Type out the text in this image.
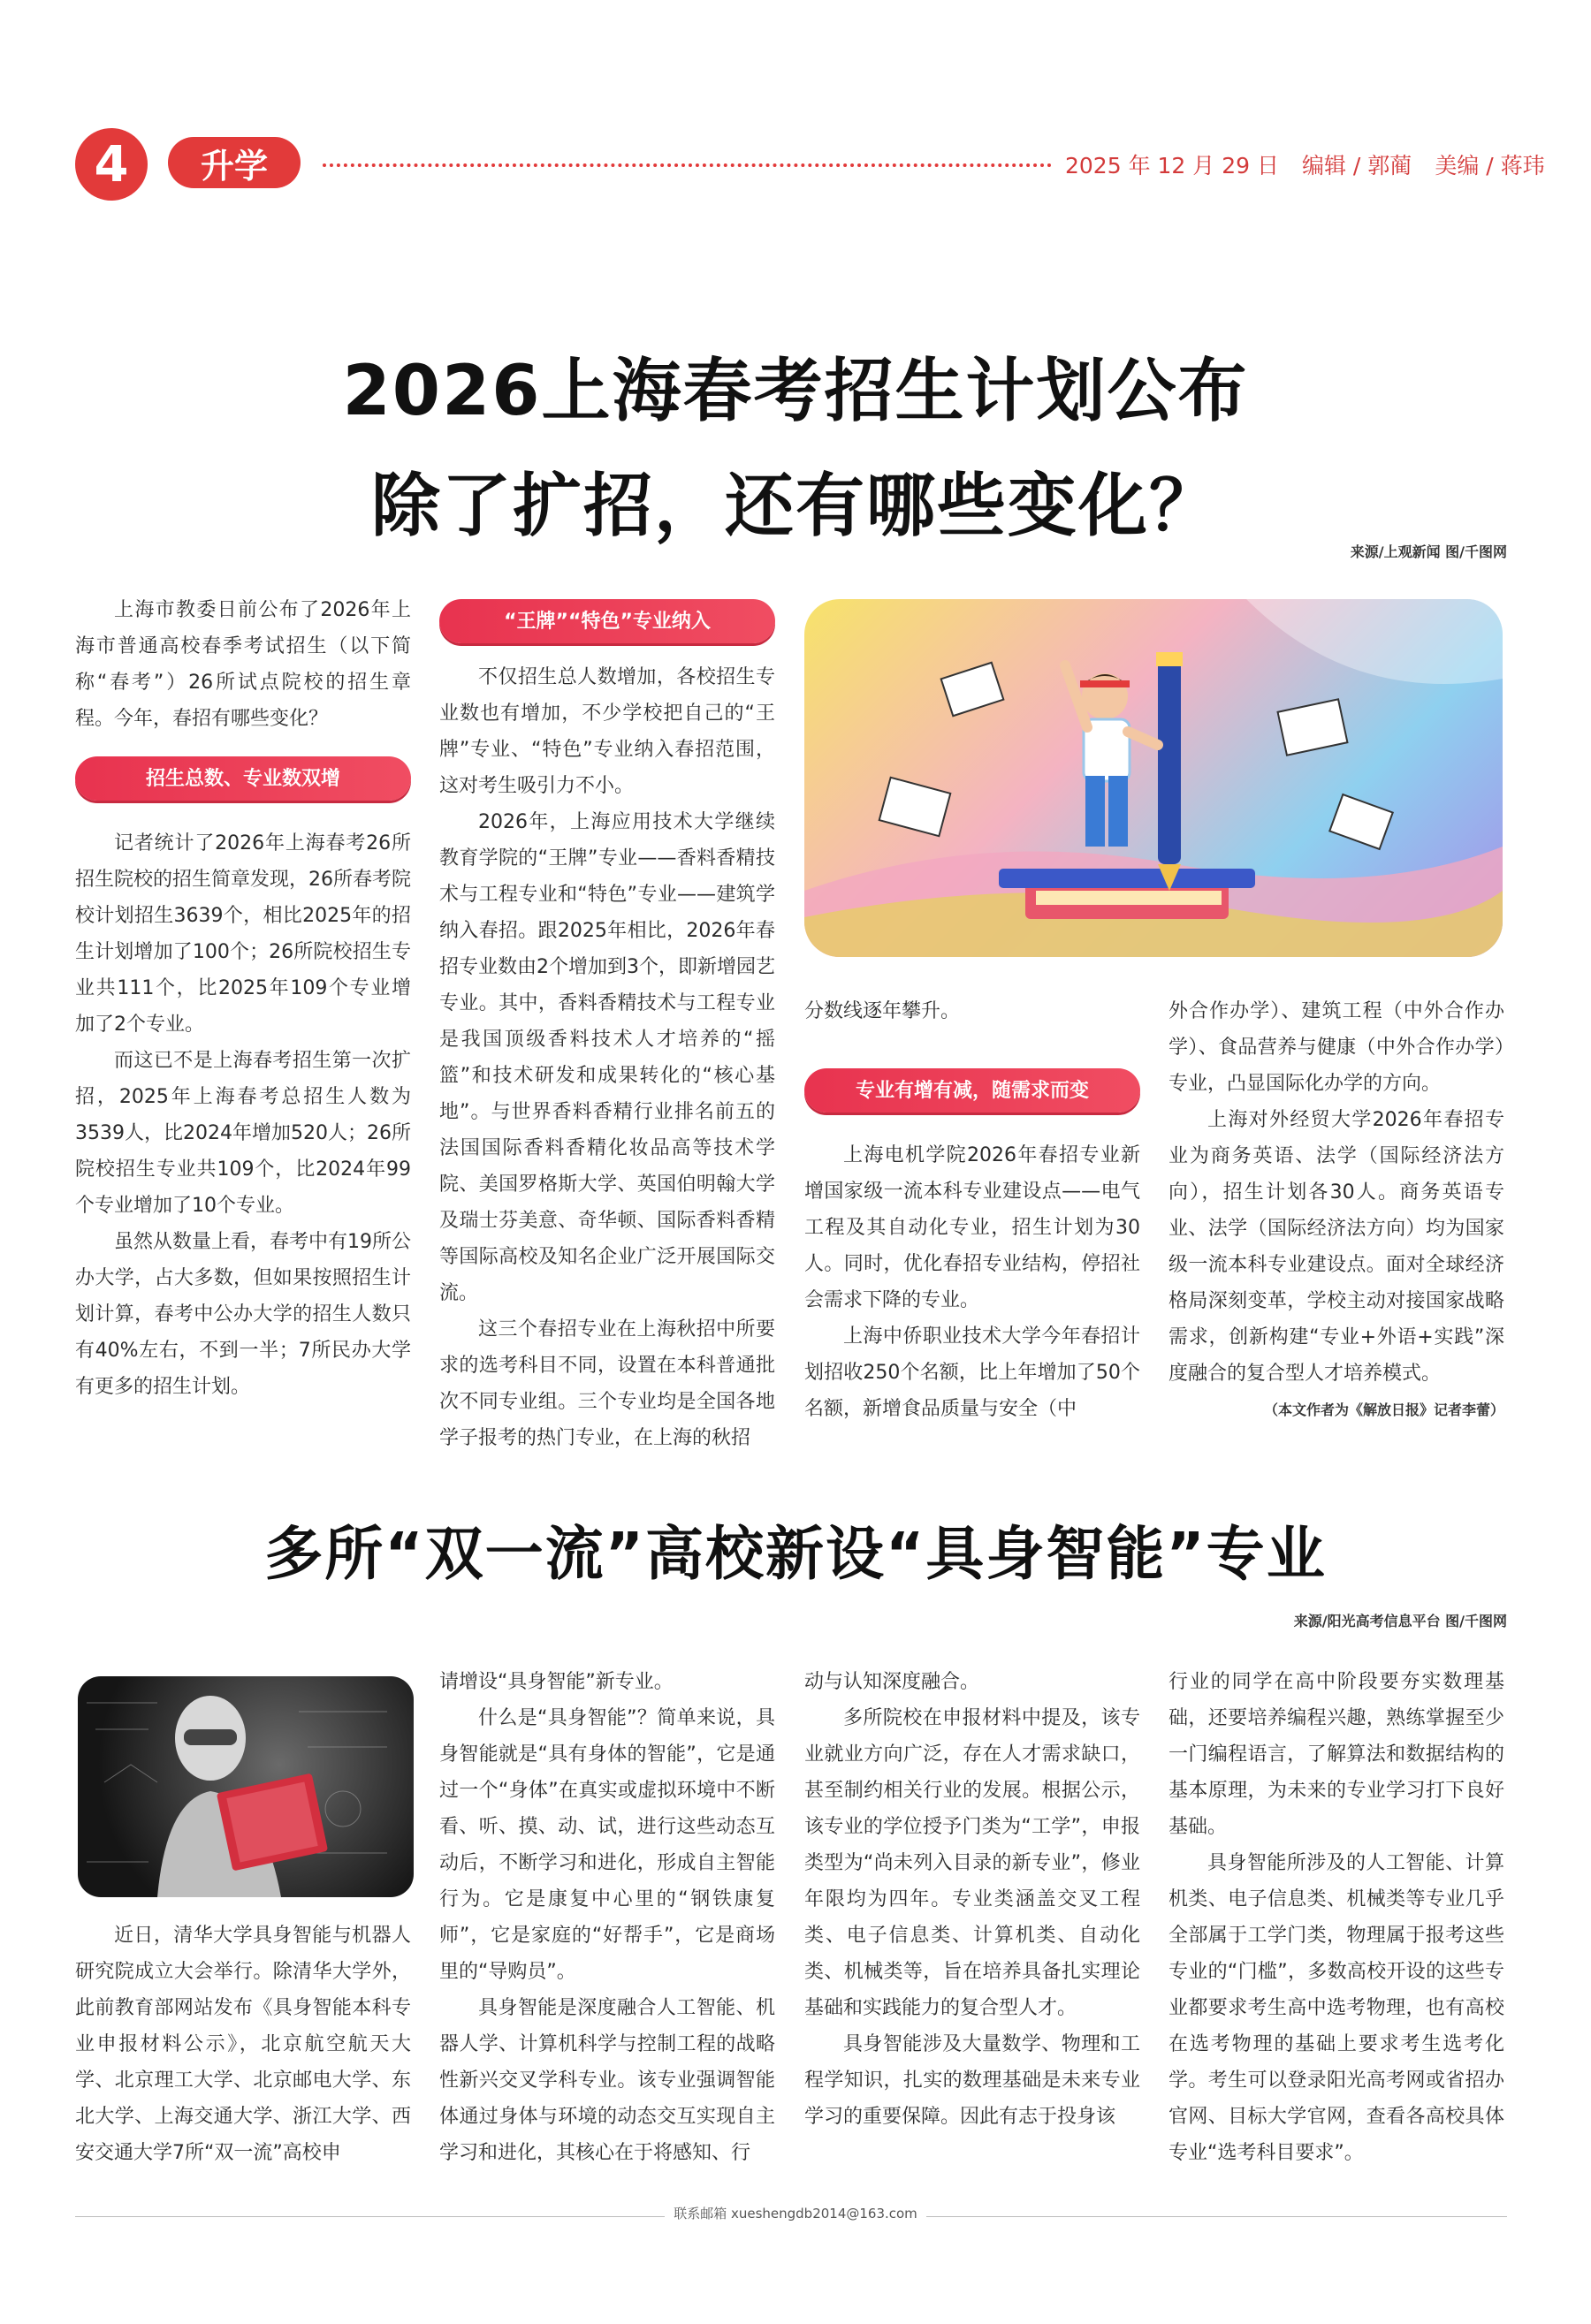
4	升学	2025 年 12 月 29 日 编辑 / 郭蔺 美编 / 蒋玮
2026上海春考招生计划公布
除了扩招，还有哪些变化？
来源/上观新闻 图/千图网

上海市教委日前公布了2026年上海市普通高校春季考试招生（以下简称“春考”）26所试点院校的招生章程。今年，春招有哪些变化？

招生总数、专业数双增

记者统计了2026年上海春考26所招生院校的招生简章发现，26所春考院校计划招生3639个，相比2025年的招生计划增加了100个；26所院校招生专业共111个，比2025年109个专业增加了2个专业。

而这已不是上海春考招生第一次扩招，2025年上海春考总招生人数为3539人，比2024年增加520人；26所院校招生专业共109个，比2024年99个专业增加了10个专业。

虽然从数量上看，春考中有19所公办大学，占大多数，但如果按照招生计划计算，春考中公办大学的招生人数只有40%左右，不到一半；7所民办大学有更多的招生计划。

“王牌”“特色”专业纳入

不仅招生总人数增加，各校招生专业数也有增加，不少学校把自己的“王牌”专业、“特色”专业纳入春招范围，这对考生吸引力不小。

2026年，上海应用技术大学继续教育学院的“王牌”专业——香料香精技术与工程专业和“特色”专业——建筑学纳入春招。跟2025年相比，2026年春招专业数由2个增加到3个，即新增园艺专业。其中，香料香精技术与工程专业是我国顶级香料技术人才培养的“摇篮”和技术研发和成果转化的“核心基地”。与世界香料香精行业排名前五的法国国际香料香精化妆品高等技术学院、美国罗格斯大学、英国伯明翰大学及瑞士芬美意、奇华顿、国际香料香精等国际高校及知名企业广泛开展国际交流。

这三个春招专业在上海秋招中所要求的选考科目不同，设置在本科普通批次不同专业组。三个专业均是全国各地学子报考的热门专业，在上海的秋招

分数线逐年攀升。

专业有增有减，随需求而变

上海电机学院2026年春招专业新增国家级一流本科专业建设点——电气工程及其自动化专业，招生计划为30人。同时，优化春招专业结构，停招社会需求下降的专业。

上海中侨职业技术大学今年春招计划招收250个名额，比上年增加了50个名额，新增食品质量与安全（中

外合作办学）、建筑工程（中外合作办学）、食品营养与健康（中外合作办学）专业，凸显国际化办学的方向。

上海对外经贸大学2026年春招专业为商务英语、法学（国际经济法方向），招生计划各30人。商务英语专业、法学（国际经济法方向）均为国家级一流本科专业建设点。面对全球经济格局深刻变革，学校主动对接国家战略需求，创新构建“专业+外语+实践”深度融合的复合型人才培养模式。

（本文作者为《解放日报》记者李蕾）
多所“双一流”高校新设“具身智能”专业
来源/阳光高考信息平台 图/千图网

近日，清华大学具身智能与机器人研究院成立大会举行。除清华大学外，此前教育部网站发布《具身智能本科专业申报材料公示》，北京航空航天大学、北京理工大学、北京邮电大学、东北大学、上海交通大学、浙江大学、西安交通大学7所“双一流”高校申

请增设“具身智能”新专业。

什么是“具身智能”？简单来说，具身智能就是“具有身体的智能”，它是通过一个“身体”在真实或虚拟环境中不断看、听、摸、动、试，进行这些动态互动后，不断学习和进化，形成自主智能行为。它是康复中心里的“钢铁康复师”，它是家庭的“好帮手”，它是商场里的“导购员”。

具身智能是深度融合人工智能、机器人学、计算机科学与控制工程的战略性新兴交叉学科专业。该专业强调智能体通过身体与环境的动态交互实现自主学习和进化，其核心在于将感知、行

动与认知深度融合。

多所院校在申报材料中提及，该专业就业方向广泛，存在人才需求缺口，甚至制约相关行业的发展。根据公示，该专业的学位授予门类为“工学”，申报类型为“尚未列入目录的新专业”，修业年限均为四年。专业类涵盖交叉工程类、电子信息类、计算机类、自动化类、机械类等，旨在培养具备扎实理论基础和实践能力的复合型人才。

具身智能涉及大量数学、物理和工程学知识，扎实的数理基础是未来专业学习的重要保障。因此有志于投身该

行业的同学在高中阶段要夯实数理基础，还要培养编程兴趣，熟练掌握至少一门编程语言，了解算法和数据结构的基本原理，为未来的专业学习打下良好基础。

具身智能所涉及的人工智能、计算机类、电子信息类、机械类等专业几乎全部属于工学门类，物理属于报考这些专业的“门槛”，多数高校开设的这些专业都要求考生高中选考物理，也有高校在选考物理的基础上要求考生选考化学。考生可以登录阳光高考网或省招办官网、目标大学官网，查看各高校具体专业“选考科目要求”。

联系邮箱 xueshengdb2014@163.com
